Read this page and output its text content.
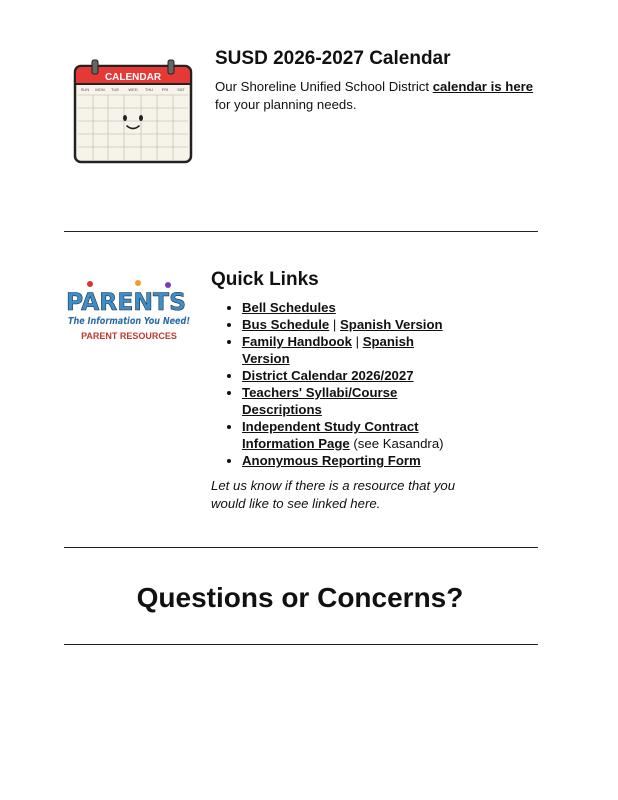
CALENDAR
SUN MON TUE WED THU FRI SAT
SUSD 2026-2027 Calendar

Our Shoreline Unified School District calendar is here for your planning needs.

PARENTS
The Information You Need!
PARENT RESOURCES
Quick Links
• Bell Schedules
• Bus Schedule | Spanish Version
• Family Handbook | Spanish Version
• District Calendar 2026/2027
• Teachers' Syllabi/Course Descriptions
• Independent Study Contract Information Page (see Kasandra)
• Anonymous Reporting Form

Let us know if there is a resource that you would like to see linked here.

Questions or Concerns?
